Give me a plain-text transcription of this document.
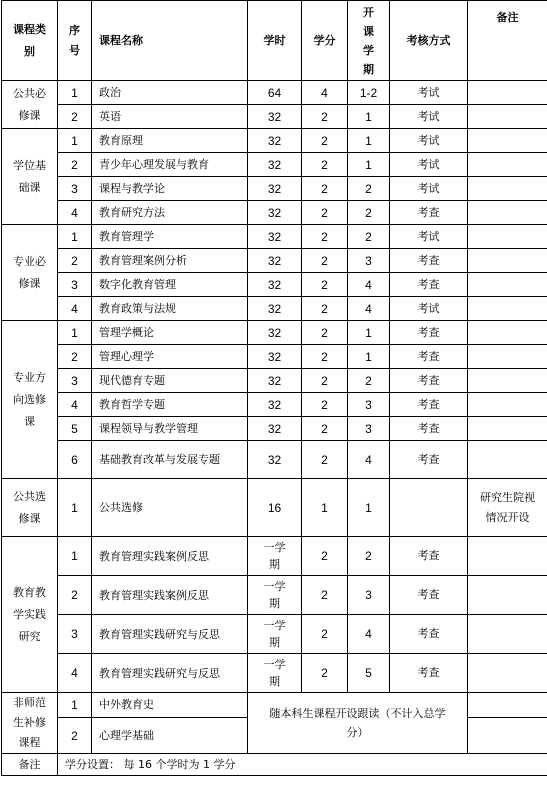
课程类别	序号	课程名称	学时	学分	开课学期	考核方式	备注

公共必修课	1	政治	64	4	1-2	考试	
	2	英语	32	2	1	考试	

学位基础课	1	教育原理	32	2	1	考试	
	2	青少年心理发展与教育	32	2	1	考试	
	3	课程与教学论	32	2	2	考试	
	4	教育研究方法	32	2	2	考查	

专业必修课	1	教育管理学	32	2	2	考试	
	2	教育管理案例分析	32	2	3	考查	
	3	数字化教育管理	32	2	4	考查	
	4	教育政策与法规	32	2	4	考试	

专业方向选修课	1	管理学概论	32	2	1	考查	
	2	管理心理学	32	2	1	考查	
	3	现代德育专题	32	2	2	考查	
	4	教育哲学专题	32	2	3	考查	
	5	课程领导与教学管理	32	2	3	考查	
	6	基础教育改革与发展专题	32	2	4	考查	

公共选修课	1	公共选修	16	1	1		研究生院视情况开设

教育教学实践研究	1	教育管理实践案例反思	一学期	2	2	考查	
	2	教育管理实践案例反思	一学期	2	3	考查	
	3	教育管理实践研究与反思	一学期	2	4	考查	
	4	教育管理实践研究与反思	一学期	2	5	考查	

非师范生补修课程	1	中外教育史	随本科生课程开设跟读（不计入总学分）				
	2	心理学基础					
备注	学分设置： 每 16 个学时为 1 学分						
